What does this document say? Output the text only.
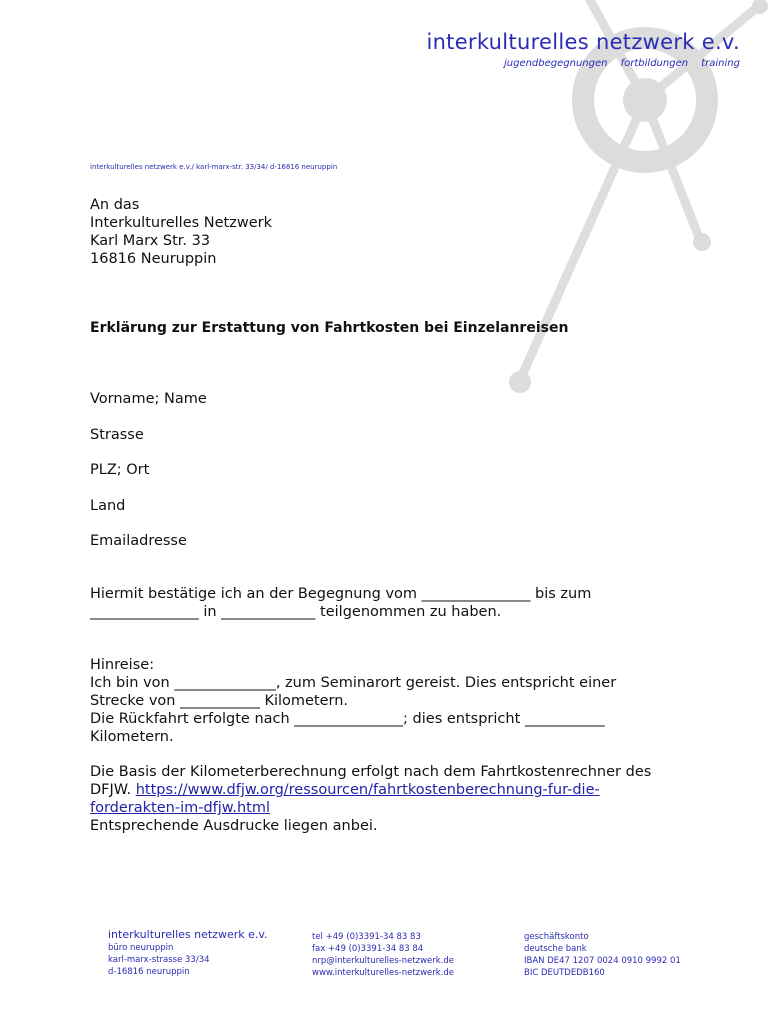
interkulturelles netzwerk e.v.
jugendbegegnungen fortbildungen training
interkulturelles netzwerk e.v./ karl-marx-str. 33/34/ d-16816 neuruppin
An das
Interkulturelles Netzwerk
Karl Marx Str. 33
16816 Neuruppin
Erklärung zur Erstattung von Fahrtkosten bei Einzelanreisen
Vorname; Name
Strasse
PLZ; Ort
Land
Emailadresse
Hiermit bestätige ich an der Begegnung vom _______________ bis zum
_______________ in _____________ teilgenommen zu haben.
Hinreise:
Ich bin von ______________, zum Seminarort gereist. Dies entspricht einer
Strecke von ___________ Kilometern.
Die Rückfahrt erfolgte nach _______________; dies entspricht ___________
Kilometern.
Die Basis der Kilometerberechnung erfolgt nach dem Fahrtkostenrechner des
DFJW. https://www.dfjw.org/ressourcen/fahrtkostenberechnung-fur-die-
forderakten-im-dfjw.html
Entsprechende Ausdrucke liegen anbei.
interkulturelles netzwerk e.v.
büro neuruppin
karl-marx-strasse 33/34
d-16816 neuruppin
tel +49 (0)3391-34 83 83
fax +49 (0)3391-34 83 84
nrp@interkulturelles-netzwerk.de
www.interkulturelles-netzwerk.de
geschäftskonto
deutsche bank
IBAN DE47 1207 0024 0910 9992 01
BIC DEUTDEDB160
